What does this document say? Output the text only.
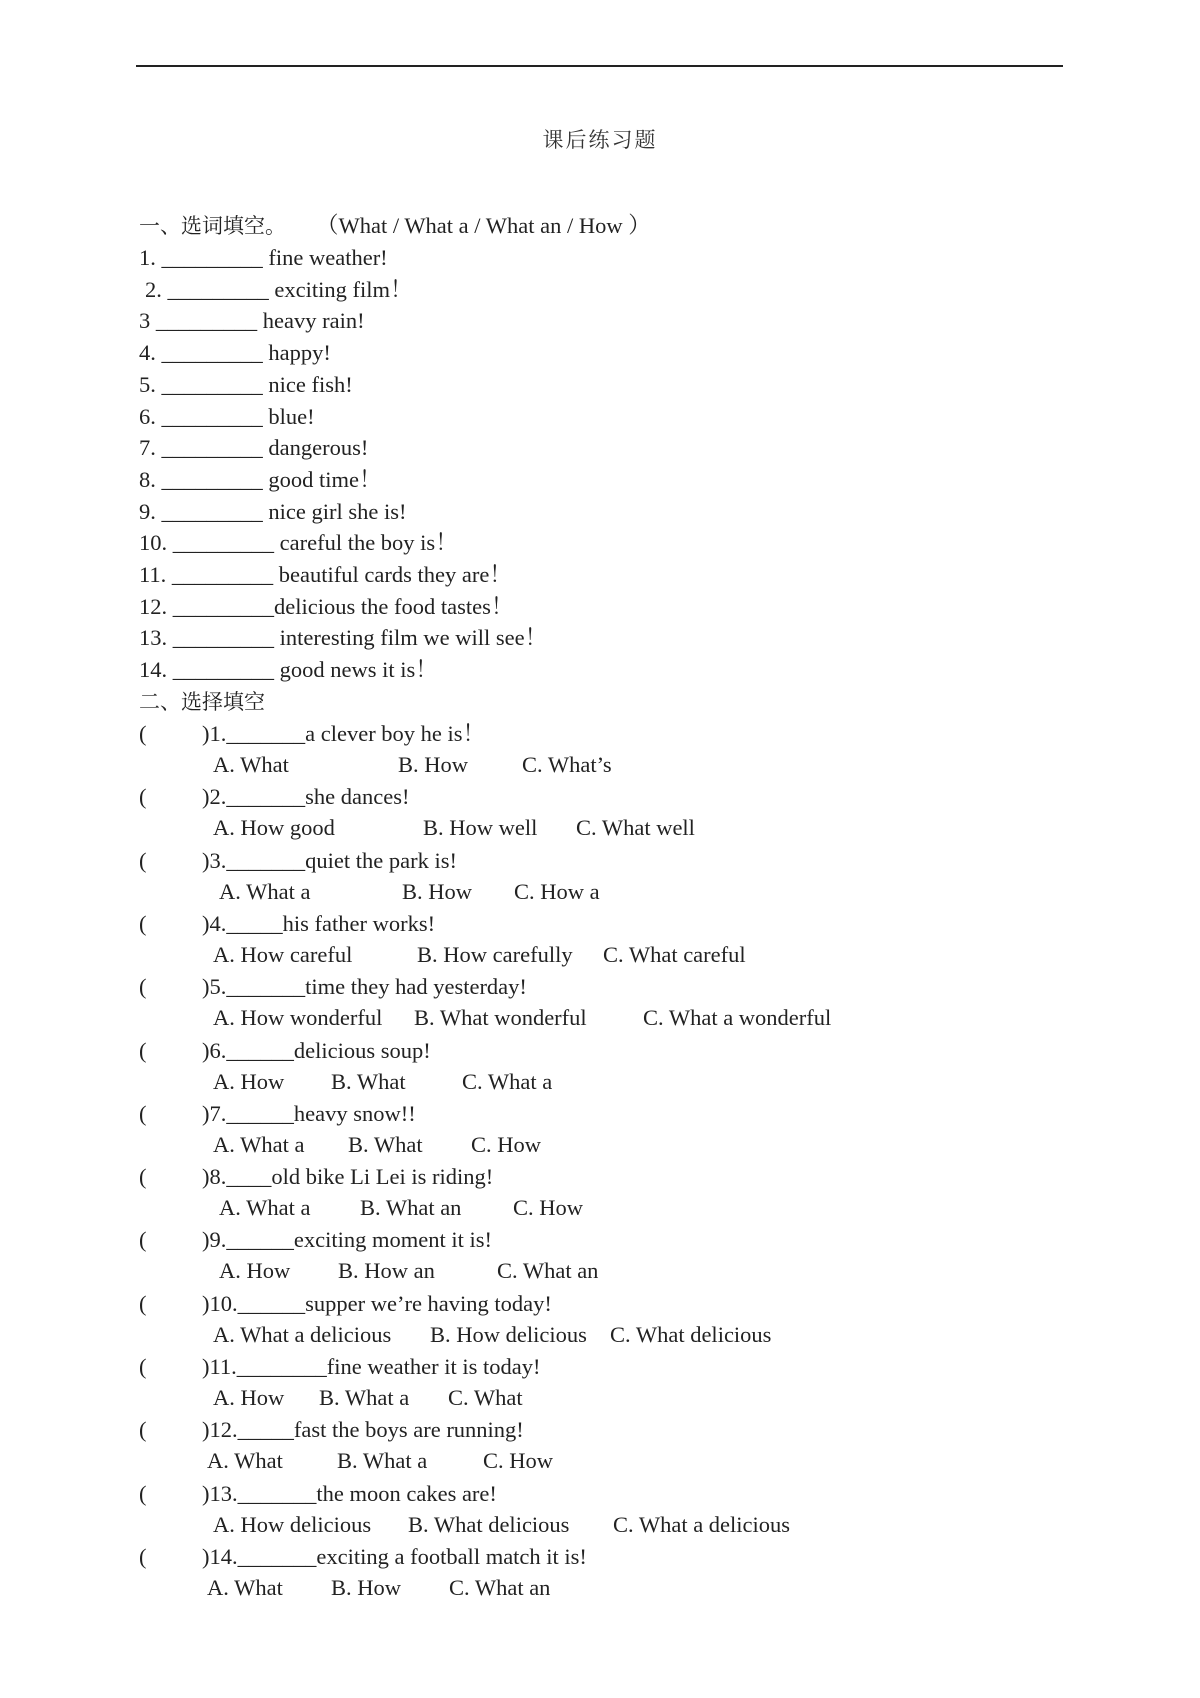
课后练习题
一、选词填空。 （What / What a / What an / How ）
1. _________ fine weather!
2. _________ exciting film！
3 _________ heavy rain!
4. _________ happy!
5. _________ nice fish!
6. _________ blue!
7. _________ dangerous!
8. _________ good time！
9. _________ nice girl she is!
10. _________ careful the boy is！
11. _________ beautiful cards they are！
12. _________delicious the food tastes！
13. _________ interesting film we will see！
14. _________ good news it is！
二、选择填空
( )1._______a clever boy he is！
A. What	B. How C. What’s
( )2._______she dances!
A. How good	B. How well C. What well
( )3._______quiet the park is!
A. What a	B. How C. How a
( )4._____his father works!
A. How careful	B. How carefully C. What careful
( )5._______time they had yesterday!
A. How wonderful B. What wonderful	C. What a wonderful
( )6.______delicious soup!
A. How B. What	C. What a
( )7.______heavy snow!!
A. What a B. What C. How
( )8.____old bike Li Lei is riding!
A. What a B. What an C. How
( )9.______exciting moment it is!
A. How B. How an	C. What an
( )10.______supper we’re having today!
A. What a delicious B. How delicious C. What delicious
( )11.________fine weather it is today!
A. How B. What a C. What
( )12._____fast the boys are running!
A. What B. What a C. How
( )13._______the moon cakes are!
A. How delicious B. What delicious C. What a delicious
( )14._______exciting a football match it is!
A. What B. How C. What an
